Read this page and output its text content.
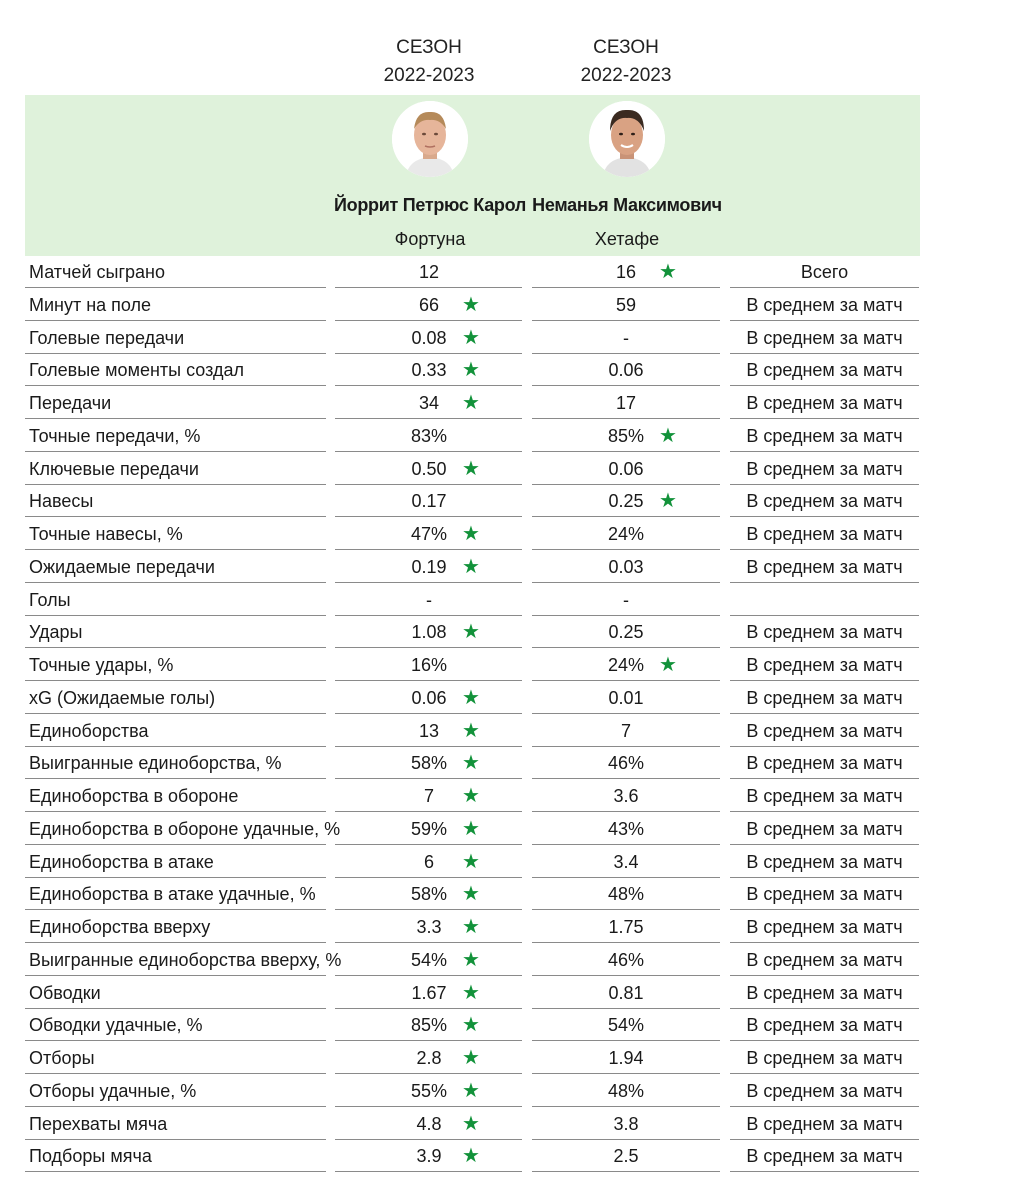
СЕЗОН
2022-2023
СЕЗОН
2022-2023
Йоррит Петрюс Карол
Фортуна
Неманья Максимович
Хетафе
Матчей сыграно	12	16	★	Всего
Минут на поле	66	★	59	В среднем за матч
Голевые передачи	0.08 ★	-	В среднем за матч
Голевые моменты создал	0.33 ★	0.06	В среднем за матч
Передачи	34	★	17	В среднем за матч
Точные передачи, %	83%	85% ★	В среднем за матч
Ключевые передачи	0.50 ★	0.06	В среднем за матч
Навесы	0.17	0.25 ★	В среднем за матч
Точные навесы, %	47% ★	24%	В среднем за матч
Ожидаемые передачи	0.19 ★	0.03	В среднем за матч
Голы	-	-
Удары	1.08 ★	0.25	В среднем за матч
Точные удары, %	16%	24% ★	В среднем за матч
xG (Ожидаемые голы)	0.06 ★	0.01	В среднем за матч
Единоборства	13	★	7	В среднем за матч
Выигранные единоборства, %	58% ★	46%	В среднем за матч
Единоборства в обороне	7	★	3.6	В среднем за матч
Единоборства в обороне удачные, %	59% ★	43%	В среднем за матч
Единоборства в атаке	6	★	3.4	В среднем за матч
Единоборства в атаке удачные, %	58% ★	48%	В среднем за матч
Единоборства вверху	3.3	★	1.75	В среднем за матч
Выигранные единоборства вверху, %	54% ★	46%	В среднем за матч
Обводки	1.67 ★	0.81	В среднем за матч
Обводки удачные, %	85% ★	54%	В среднем за матч
Отборы	2.8	★	1.94	В среднем за матч
Отборы удачные, %	55% ★	48%	В среднем за матч
Перехваты мяча	4.8	★	3.8	В среднем за матч
Подборы мяча	3.9	★	2.5	В среднем за матч
